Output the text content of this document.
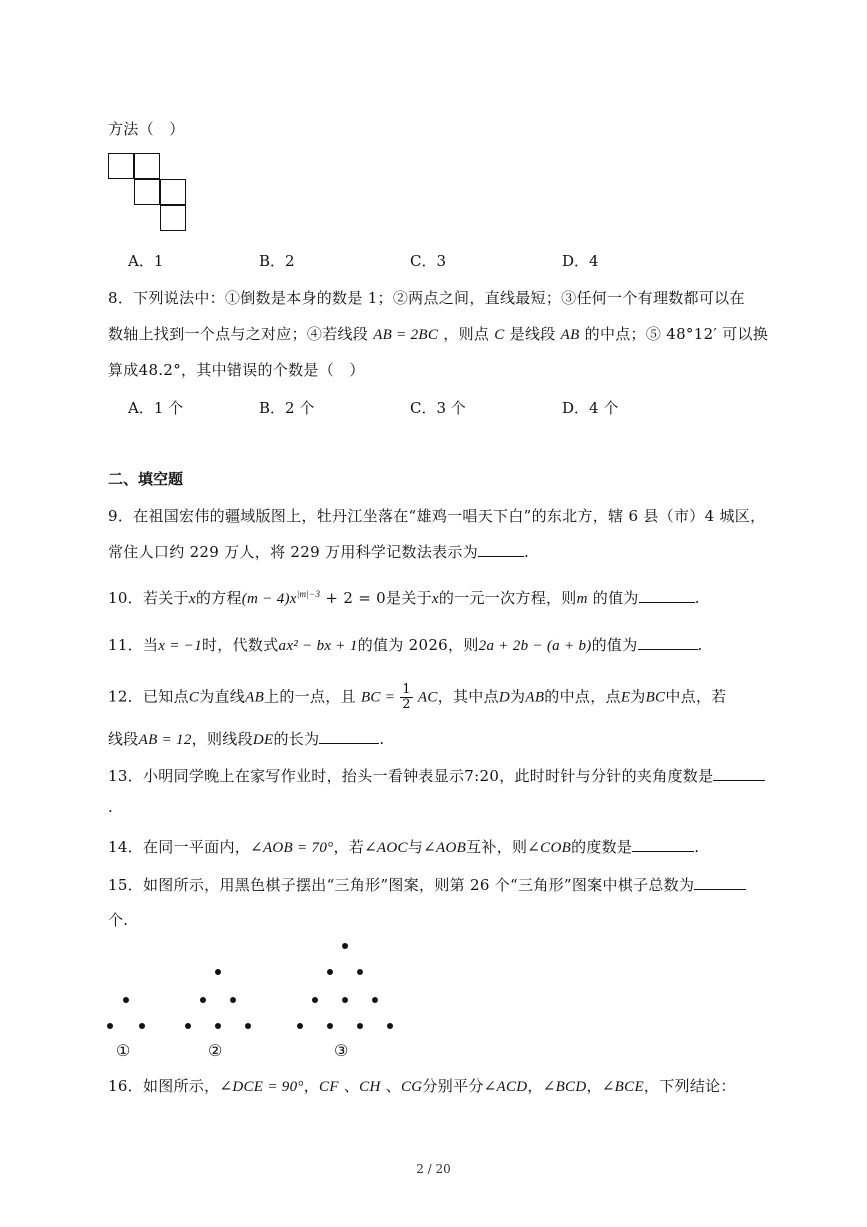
方法（　）
A．1	B．2	C．3	D．4
8．下列说法中：①倒数是本身的数是 1；②两点之间，直线最短；③任何一个有理数都可以在
数轴上找到一个点与之对应；④若线段 AB = 2BC ，则点 C 是线段 AB 的中点；⑤ 48°12′ 可以换
算成48.2°，其中错误的个数是（　）
A．1 个	B．2 个	C．3 个	D．4 个
二、填空题
9．在祖国宏伟的疆域版图上，牡丹江坐落在“雄鸡一唱天下白”的东北方，辖 6 县（市）4 城区，
常住人口约 229 万人，将 229 万用科学记数法表示为	.
10．若关于x的方程$(m - 4)x^{|m|-3} + 2 = 0$是关于x的一元一次方程，则m 的值为	.
11．当x = −1时，代数式ax² − bx + 1的值为 2026，则2a + 2b − (a + b)的值为	.
12．已知点C为直线AB上的一点，且 BC = $\frac{1}{2}$ AC，其中点D为AB的中点，点E为BC中点，若
线段AB = 12，则线段DE的长为	.
13．小明同学晚上在家写作业时，抬头一看钟表显示7:20，此时时针与分针的夹角度数是
.
14．在同一平面内，∠AOB = 70°，若∠AOC与∠AOB互补，则∠COB的度数是	.
15．如图所示，用黑色棋子摆出“三角形”图案，则第 26 个“三角形”图案中棋子总数为
个.
①	②	③
16．如图所示，∠DCE = 90°，CF 、CH 、CG分别平分∠ACD，∠BCD，∠BCE，下列结论：
2 / 20
